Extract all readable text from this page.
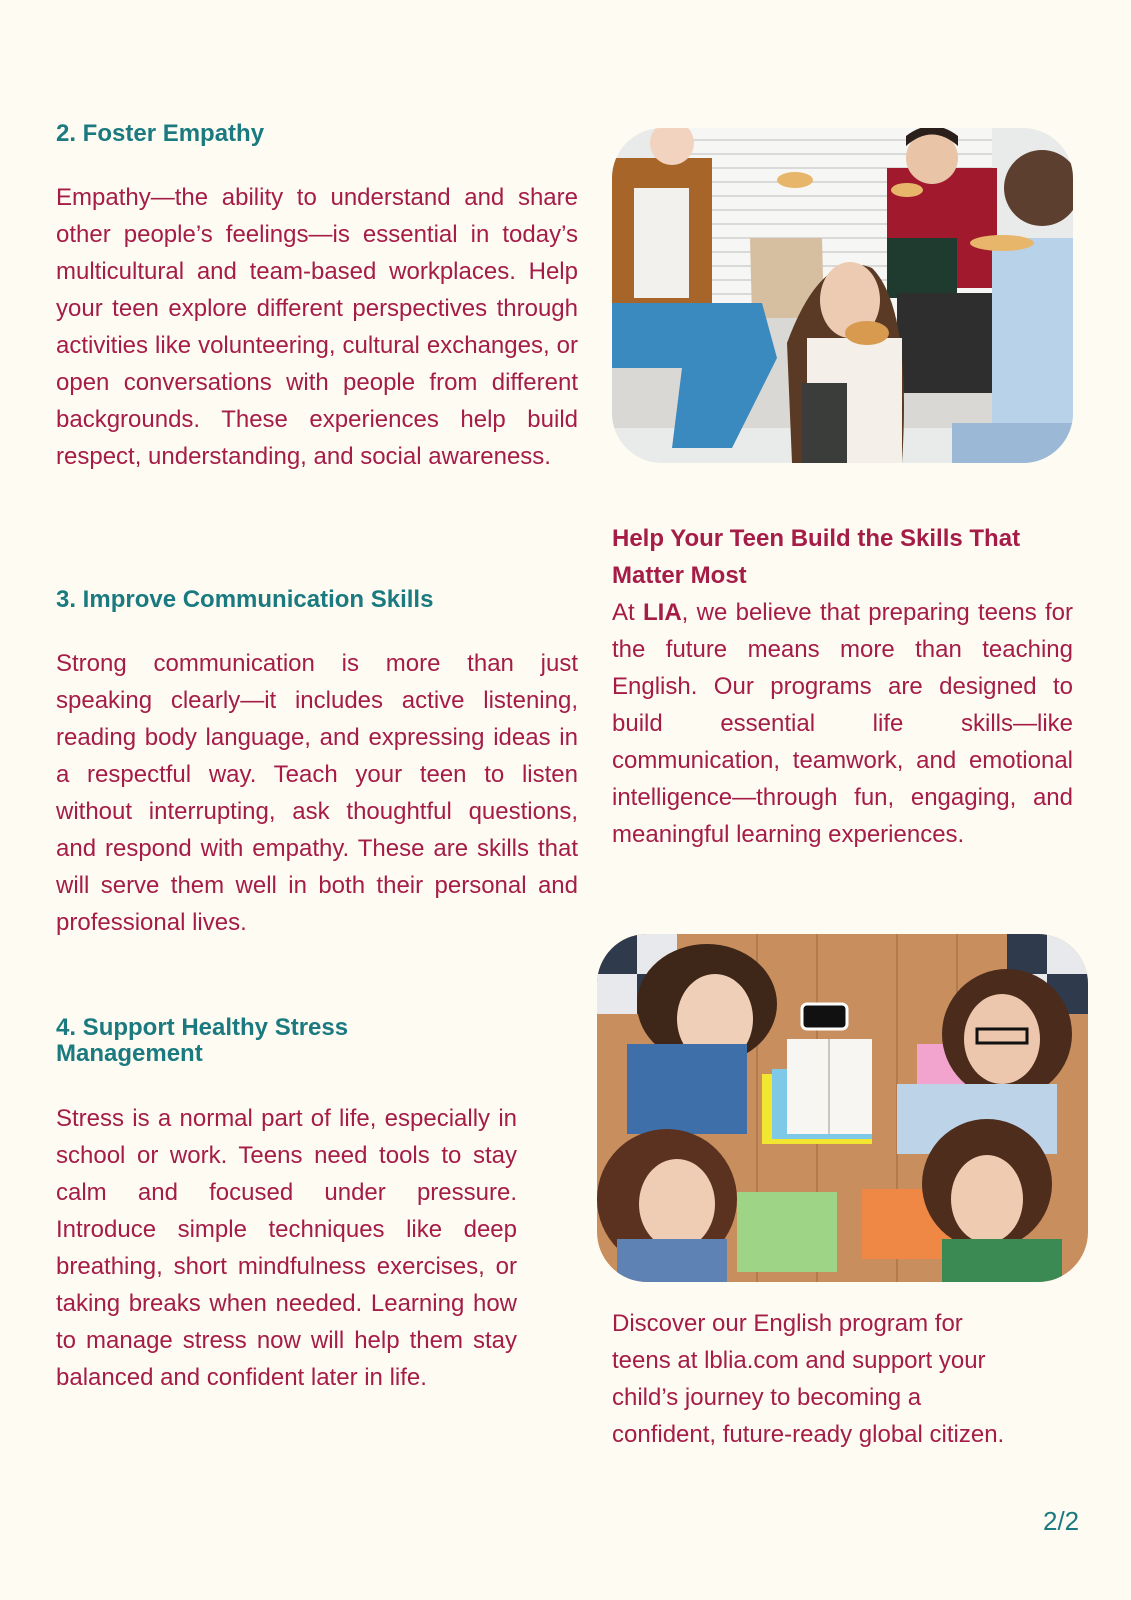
2. Foster Empathy

Empathy—the ability to understand and share other people’s feelings—is essential in today’s multicultural and team-based workplaces. Help your teen explore different perspectives through activities like volunteering, cultural exchanges, or open conversations with people from different backgrounds. These experiences help build respect, understanding, and social awareness.

3. Improve Communication Skills

Strong communication is more than just speaking clearly—it includes active listening, reading body language, and expressing ideas in a respectful way. Teach your teen to listen without interrupting, ask thoughtful questions, and respond with empathy. These are skills that will serve them well in both their personal and professional lives.

4. Support Healthy Stress
Management

Stress is a normal part of life, especially in school or work. Teens need tools to stay calm and focused under pressure. Introduce simple techniques like deep breathing, short mindfulness exercises, or taking breaks when needed. Learning how to manage stress now will help them stay balanced and confident later in life.

Help Your Teen Build the Skills That Matter Most

At LIA, we believe that preparing teens for the future means more than teaching English. Our programs are designed to build essential life skills—like communication, teamwork, and emotional intelligence—through fun, engaging, and meaningful learning experiences.

Discover our English program for
teens at lblia.com and support your
child’s journey to becoming a
confident, future-ready global citizen.
2/2
